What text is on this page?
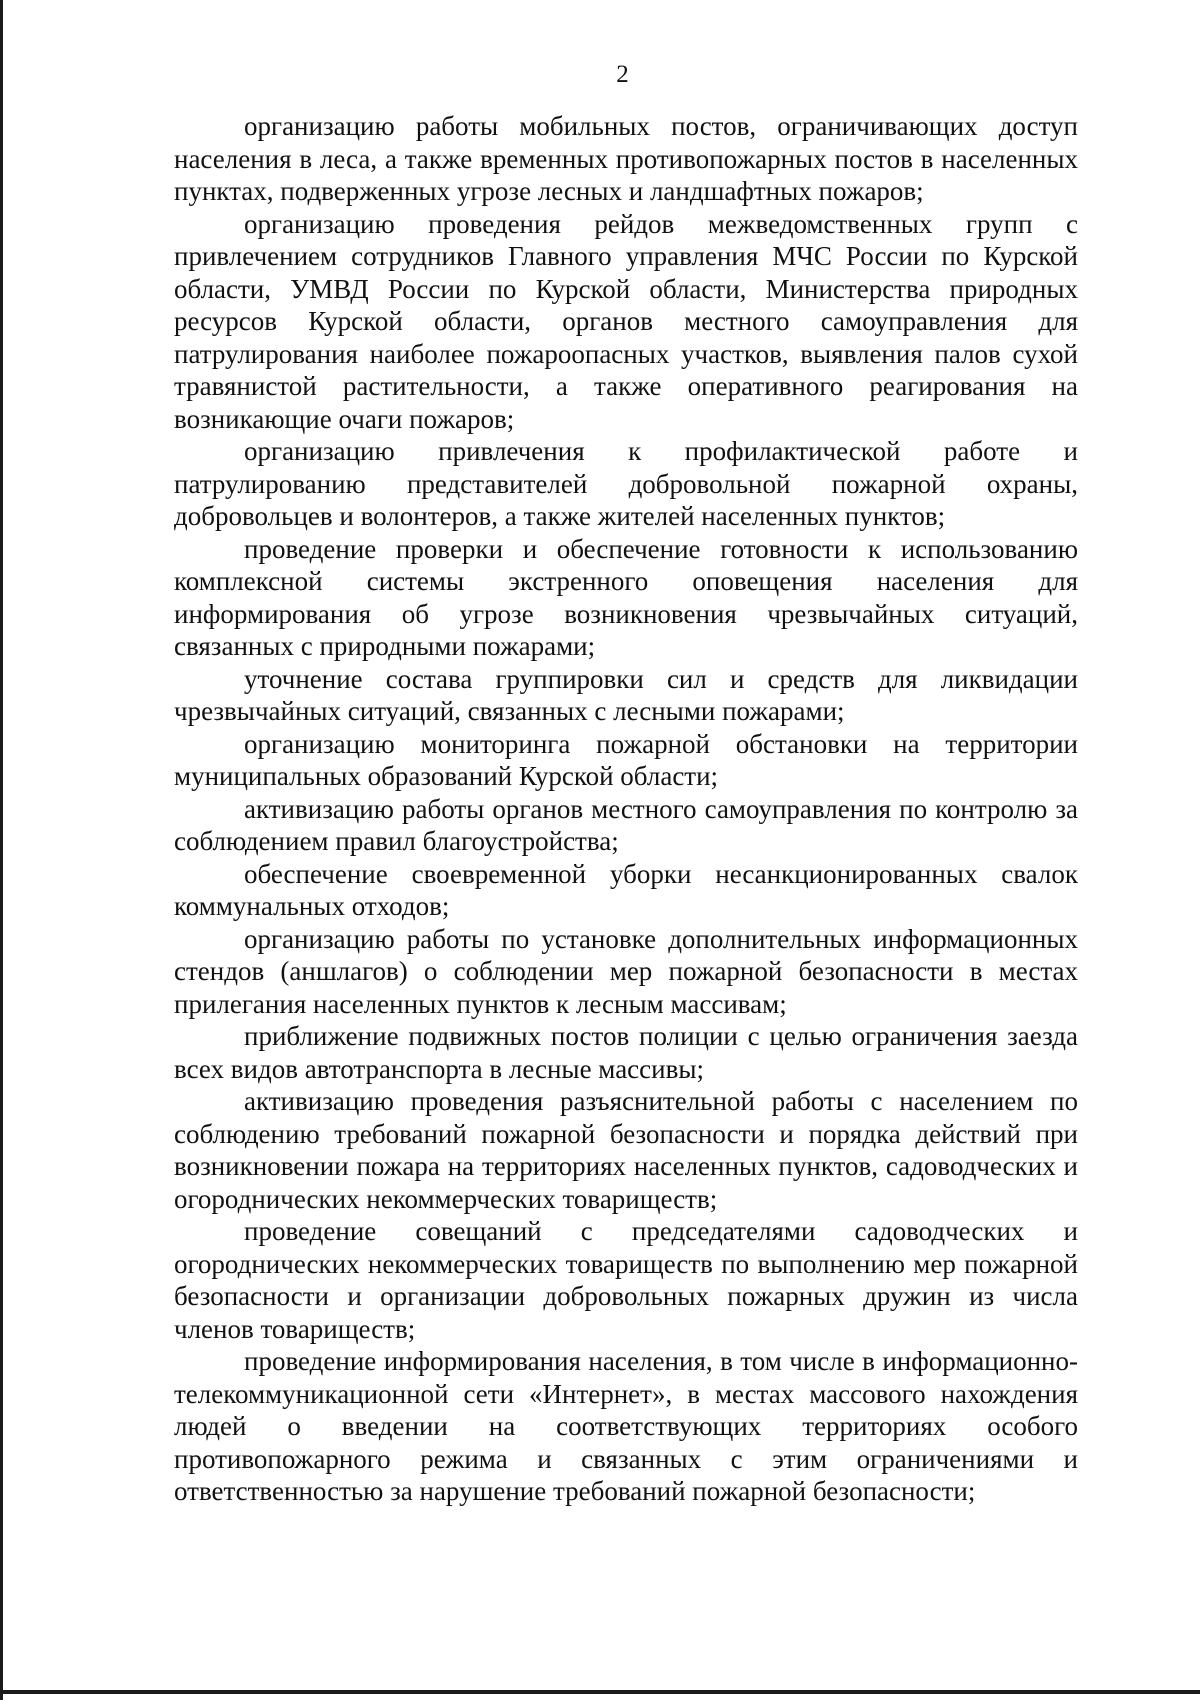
2

организацию работы мобильных постов, ограничивающих доступ населения в леса, а также временных противопожарных постов в населенных пунктах, подверженных угрозе лесных и ландшафтных пожаров;

организацию проведения рейдов межведомственных групп с привлечением сотрудников Главного управления МЧС России по Курской области, УМВД России по Курской области, Министерства природных ресурсов Курской области, органов местного самоуправления для патрулирования наиболее пожароопасных участков, выявления палов сухой травянистой растительности, а также оперативного реагирования на возникающие очаги пожаров;

организацию привлечения к профилактической работе и патрулированию представителей добровольной пожарной охраны, добровольцев и волонтеров, а также жителей населенных пунктов;

проведение проверки и обеспечение готовности к использованию комплексной системы экстренного оповещения населения для информирования об угрозе возникновения чрезвычайных ситуаций, связанных с природными пожарами;

уточнение состава группировки сил и средств для ликвидации чрезвычайных ситуаций, связанных с лесными пожарами;

организацию мониторинга пожарной обстановки на территории муниципальных образований Курской области;

активизацию работы органов местного самоуправления по контролю за соблюдением правил благоустройства;

обеспечение своевременной уборки несанкционированных свалок коммунальных отходов;

организацию работы по установке дополнительных информационных стендов (аншлагов) о соблюдении мер пожарной безопасности в местах прилегания населенных пунктов к лесным массивам;

приближение подвижных постов полиции с целью ограничения заезда всех видов автотранспорта в лесные массивы;

активизацию проведения разъяснительной работы с населением по соблюдению требований пожарной безопасности и порядка действий при возникновении пожара на территориях населенных пунктов, садоводческих и огороднических некоммерческих товариществ;

проведение совещаний с председателями садоводческих и огороднических некоммерческих товариществ по выполнению мер пожарной безопасности и организации добровольных пожарных дружин из числа членов товариществ;

проведение информирования населения, в том числе в информационно-телекоммуникационной сети «Интернет», в местах массового нахождения людей о введении на соответствующих территориях особого противопожарного режима и связанных с этим ограничениями и ответственностью за нарушение требований пожарной безопасности;
